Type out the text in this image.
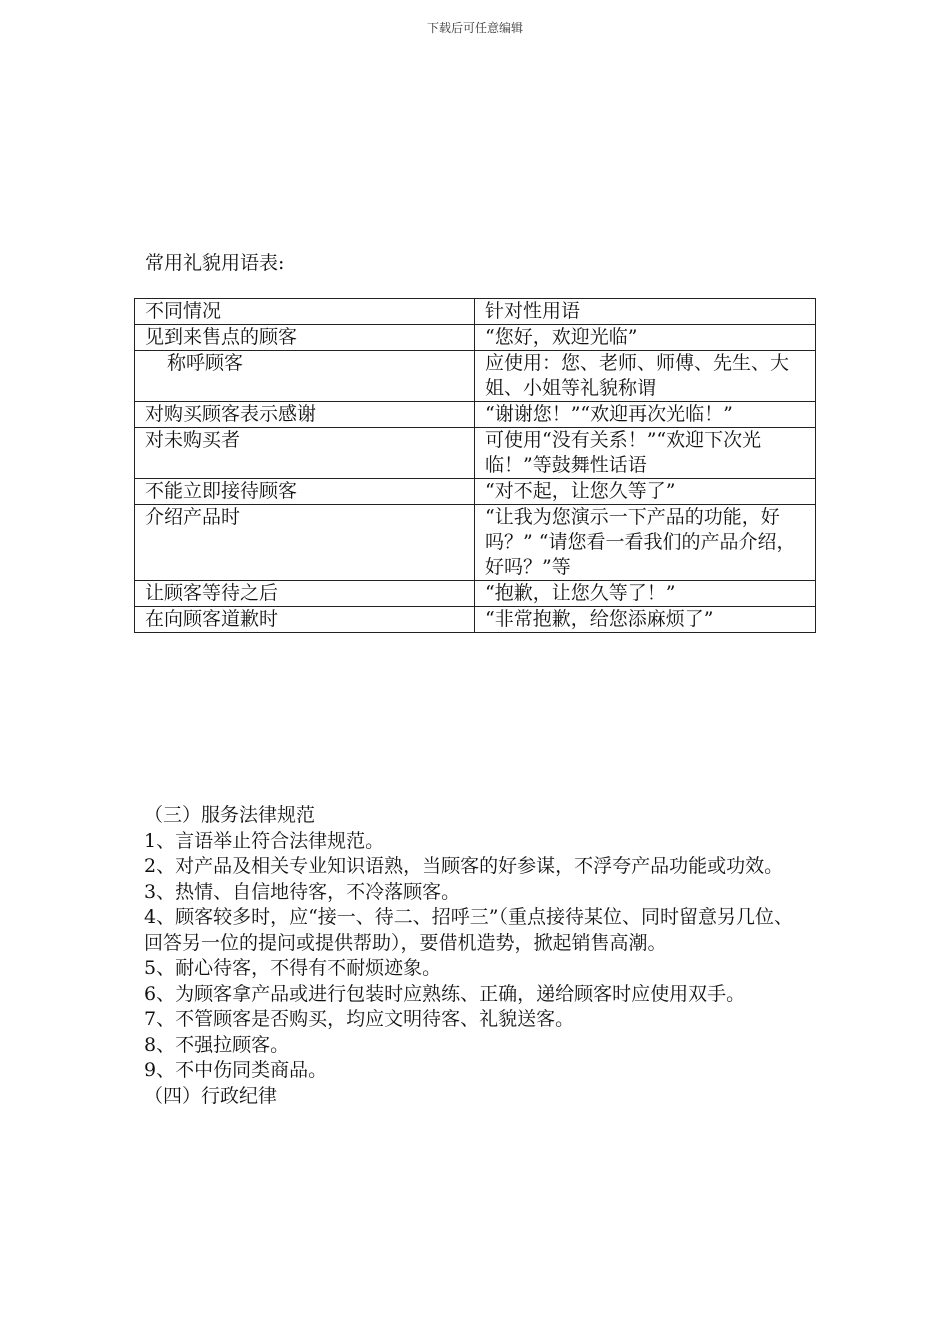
下载后可任意编辑
常用礼貌用语表:
不同情况	针对性用语
见到来售点的顾客	“您好，欢迎光临”
称呼顾客	应使用：您、老师、师傅、先生、大姐、小姐等礼貌称谓
对购买顾客表示感谢	“谢谢您！”“欢迎再次光临！”
对未购买者	可使用“没有关系！”“欢迎下次光临！”等鼓舞性话语
不能立即接待顾客	“对不起，让您久等了”
介绍产品时	“让我为您演示一下产品的功能，好吗？” “请您看一看我们的产品介绍，好吗？”等
让顾客等待之后	“抱歉，让您久等了！”
在向顾客道歉时	“非常抱歉，给您添麻烦了”

（三）服务法律规范

1、言语举止符合法律规范。

2、对产品及相关专业知识语熟，当顾客的好参谋，不浮夸产品功能或功效。

3、热情、自信地待客，不冷落顾客。

4、顾客较多时，应“接一、待二、招呼三”（重点接待某位、同时留意另几位、回答另一位的提问或提供帮助），要借机造势，掀起销售高潮。

5、耐心待客，不得有不耐烦迹象。

6、为顾客拿产品或进行包装时应熟练、正确，递给顾客时应使用双手。

7、不管顾客是否购买，均应文明待客、礼貌送客。

8、不强拉顾客。

9、不中伤同类商品。

（四）行政纪律
